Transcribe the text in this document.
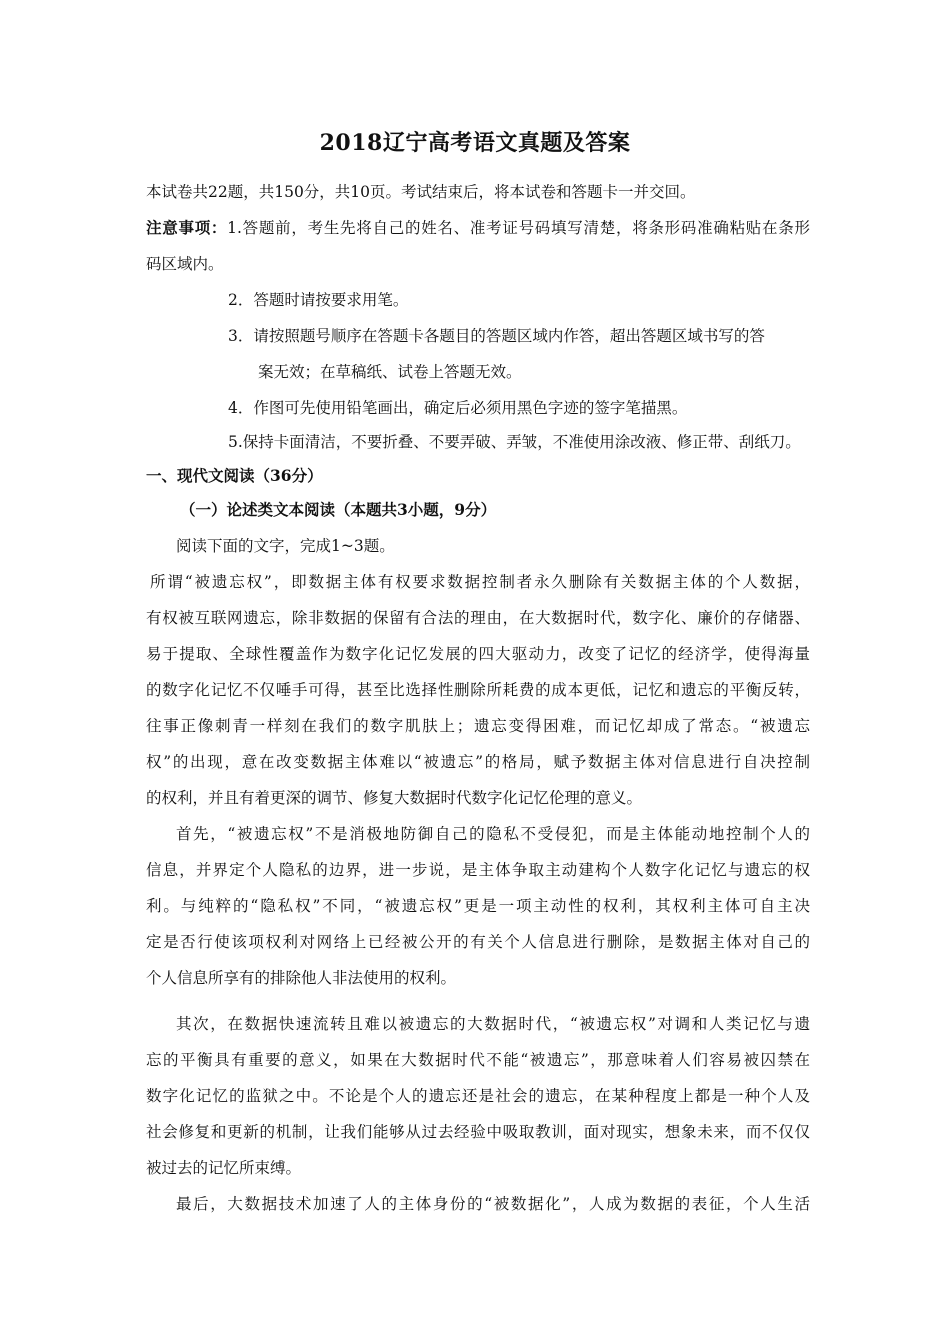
2018辽宁高考语文真题及答案
本试卷共22题，共150分，共10页。考试结束后，将本试卷和答题卡一并交回。
注意事项：1.答题前，考生先将自己的姓名、准考证号码填写清楚，将条形码准确粘贴在条形
码区域内。
2．答题时请按要求用笔。
3．请按照题号顺序在答题卡各题目的答题区域内作答，超出答题区域书写的答
案无效；在草稿纸、试卷上答题无效。
4．作图可先使用铅笔画出，确定后必须用黑色字迹的签字笔描黑。
5.保持卡面清洁，不要折叠、不要弄破、弄皱，不准使用涂改液、修正带、刮纸刀。
一、现代文阅读（36分）
（一）论述类文本阅读（本题共3小题，9分）
阅读下面的文字，完成1~3题。
所谓“被遗忘权”，即数据主体有权要求数据控制者永久删除有关数据主体的个人数据，
有权被互联网遗忘，除非数据的保留有合法的理由，在大数据时代，数字化、廉价的存储器、
易于提取、全球性覆盖作为数字化记忆发展的四大驱动力，改变了记忆的经济学，使得海量
的数字化记忆不仅唾手可得，甚至比选择性删除所耗费的成本更低，记忆和遗忘的平衡反转，
往事正像刺青一样刻在我们的数字肌肤上；遗忘变得困难，而记忆却成了常态。“被遗忘
权”的出现，意在改变数据主体难以“被遗忘”的格局，赋予数据主体对信息进行自决控制
的权利，并且有着更深的调节、修复大数据时代数字化记忆伦理的意义。
首先，“被遗忘权”不是消极地防御自己的隐私不受侵犯，而是主体能动地控制个人的
信息，并界定个人隐私的边界，进一步说，是主体争取主动建构个人数字化记忆与遗忘的权
利。与纯粹的“隐私权”不同，“被遗忘权”更是一项主动性的权利，其权利主体可自主决
定是否行使该项权利对网络上已经被公开的有关个人信息进行删除，是数据主体对自己的
个人信息所享有的排除他人非法使用的权利。
其次，在数据快速流转且难以被遗忘的大数据时代，“被遗忘权”对调和人类记忆与遗
忘的平衡具有重要的意义，如果在大数据时代不能“被遗忘”，那意味着人们容易被囚禁在
数字化记忆的监狱之中。不论是个人的遗忘还是社会的遗忘，在某种程度上都是一种个人及
社会修复和更新的机制，让我们能够从过去经验中吸取教训，面对现实，想象未来，而不仅仅
被过去的记忆所束缚。
最后，大数据技术加速了人的主体身份的“被数据化”，人成为数据的表征，个人生活
